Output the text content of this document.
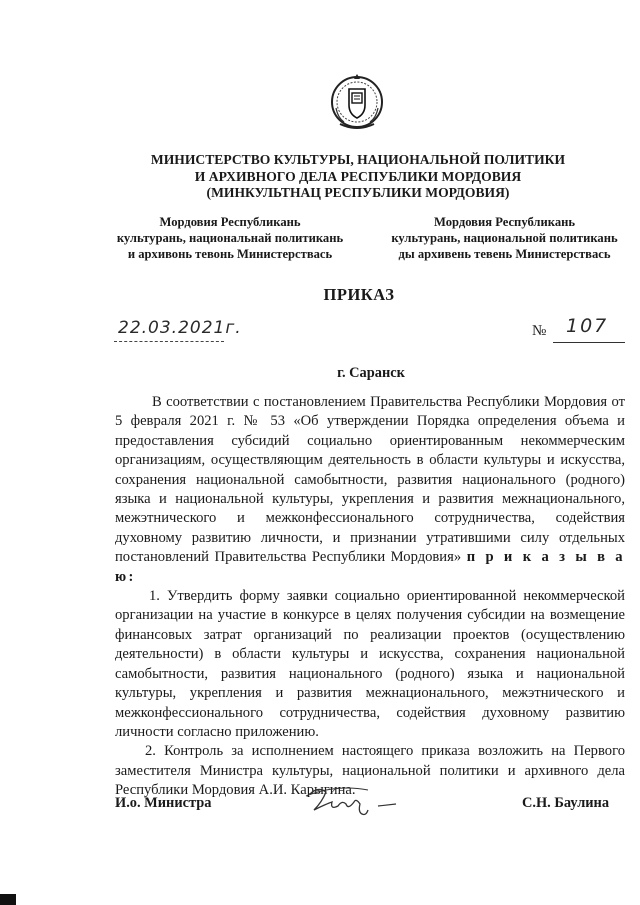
МИНИСТЕРСТВО КУЛЬТУРЫ, НАЦИОНАЛЬНОЙ ПОЛИТИКИ
И АРХИВНОГО ДЕЛА РЕСПУБЛИКИ МОРДОВИЯ
(МИНКУЛЬТНАЦ РЕСПУБЛИКИ МОРДОВИЯ)
Мордовия Республикань
культурань, национальнай политикань
и архивонь тевонь Министерствась
Мордовия Республикань
культурань, национальной политикань
ды архивень тевень Министерствась
ПРИКАЗ
22.03.2021г.	№ 107
г. Саранск

В соответствии с постановлением Правительства Республики Мордовия от 5 февраля 2021 г. № 53 «Об утверждении Порядка определения объема и предоставления субсидий социально ориентированным некоммерческим организациям, осуществляющим деятельность в области культуры и искусства, сохранения национальной самобытности, развития национального (родного) языка и национальной культуры, укрепления и развития межнационального, межэтнического и межконфессионального сотрудничества, содействия духовному развитию личности, и признании утратившими силу отдельных постановлений Правительства Республики Мордовия» п р и к а з ы в а ю:

1. Утвердить форму заявки социально ориентированной некоммерческой организации на участие в конкурсе в целях получения субсидии на возмещение финансовых затрат организаций по реализации проектов (осуществлению деятельности) в области культуры и искусства, сохранения национальной самобытности, развития национального (родного) языка и национальной культуры, укрепления и развития межнационального, межэтнического и межконфессионального сотрудничества, содействия духовному развитию личности согласно приложению.

2. Контроль за исполнением настоящего приказа возложить на Первого заместителя Министра культуры, национальной политики и архивного дела Республики Мордовия А.И. Карыгина.

И.о. Министра	С.Н. Баулина
